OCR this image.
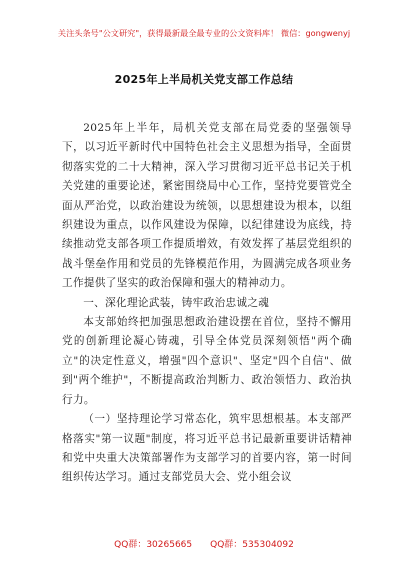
关注头条号"公文研究"，获得最新最全最专业的公文资料库！ 微信：gongwenyj
2025年上半局机关党支部工作总结

2025年上半年，局机关党支部在局党委的坚强领导下，以习近平新时代中国特色社会主义思想为指导，全面贯彻落实党的二十大精神，深入学习贯彻习近平总书记关于机关党建的重要论述，紧密围绕局中心工作，坚持党要管党全面从严治党，以政治建设为统领，以思想建设为根本，以组织建设为重点，以作风建设为保障，以纪律建设为底线，持续推动党支部各项工作提质增效，有效发挥了基层党组织的战斗堡垒作用和党员的先锋模范作用，为圆满完成各项业务工作提供了坚实的政治保障和强大的精神动力。

一、深化理论武装，铸牢政治忠诚之魂

本支部始终把加强思想政治建设摆在首位，坚持不懈用党的创新理论凝心铸魂，引导全体党员深刻领悟"两个确立"的决定性意义，增强"四个意识"、坚定"四个自信"、做到"两个维护"，不断提高政治判断力、政治领悟力、政治执行力。

（一）坚持理论学习常态化，筑牢思想根基。本支部严格落实"第一议题"制度，将习近平总书记最新重要讲话精神和党中央重大决策部署作为支部学习的首要内容，第一时间组织传达学习。通过支部党员大会、党小组会议

QQ群：30265665 QQ群：535304092
